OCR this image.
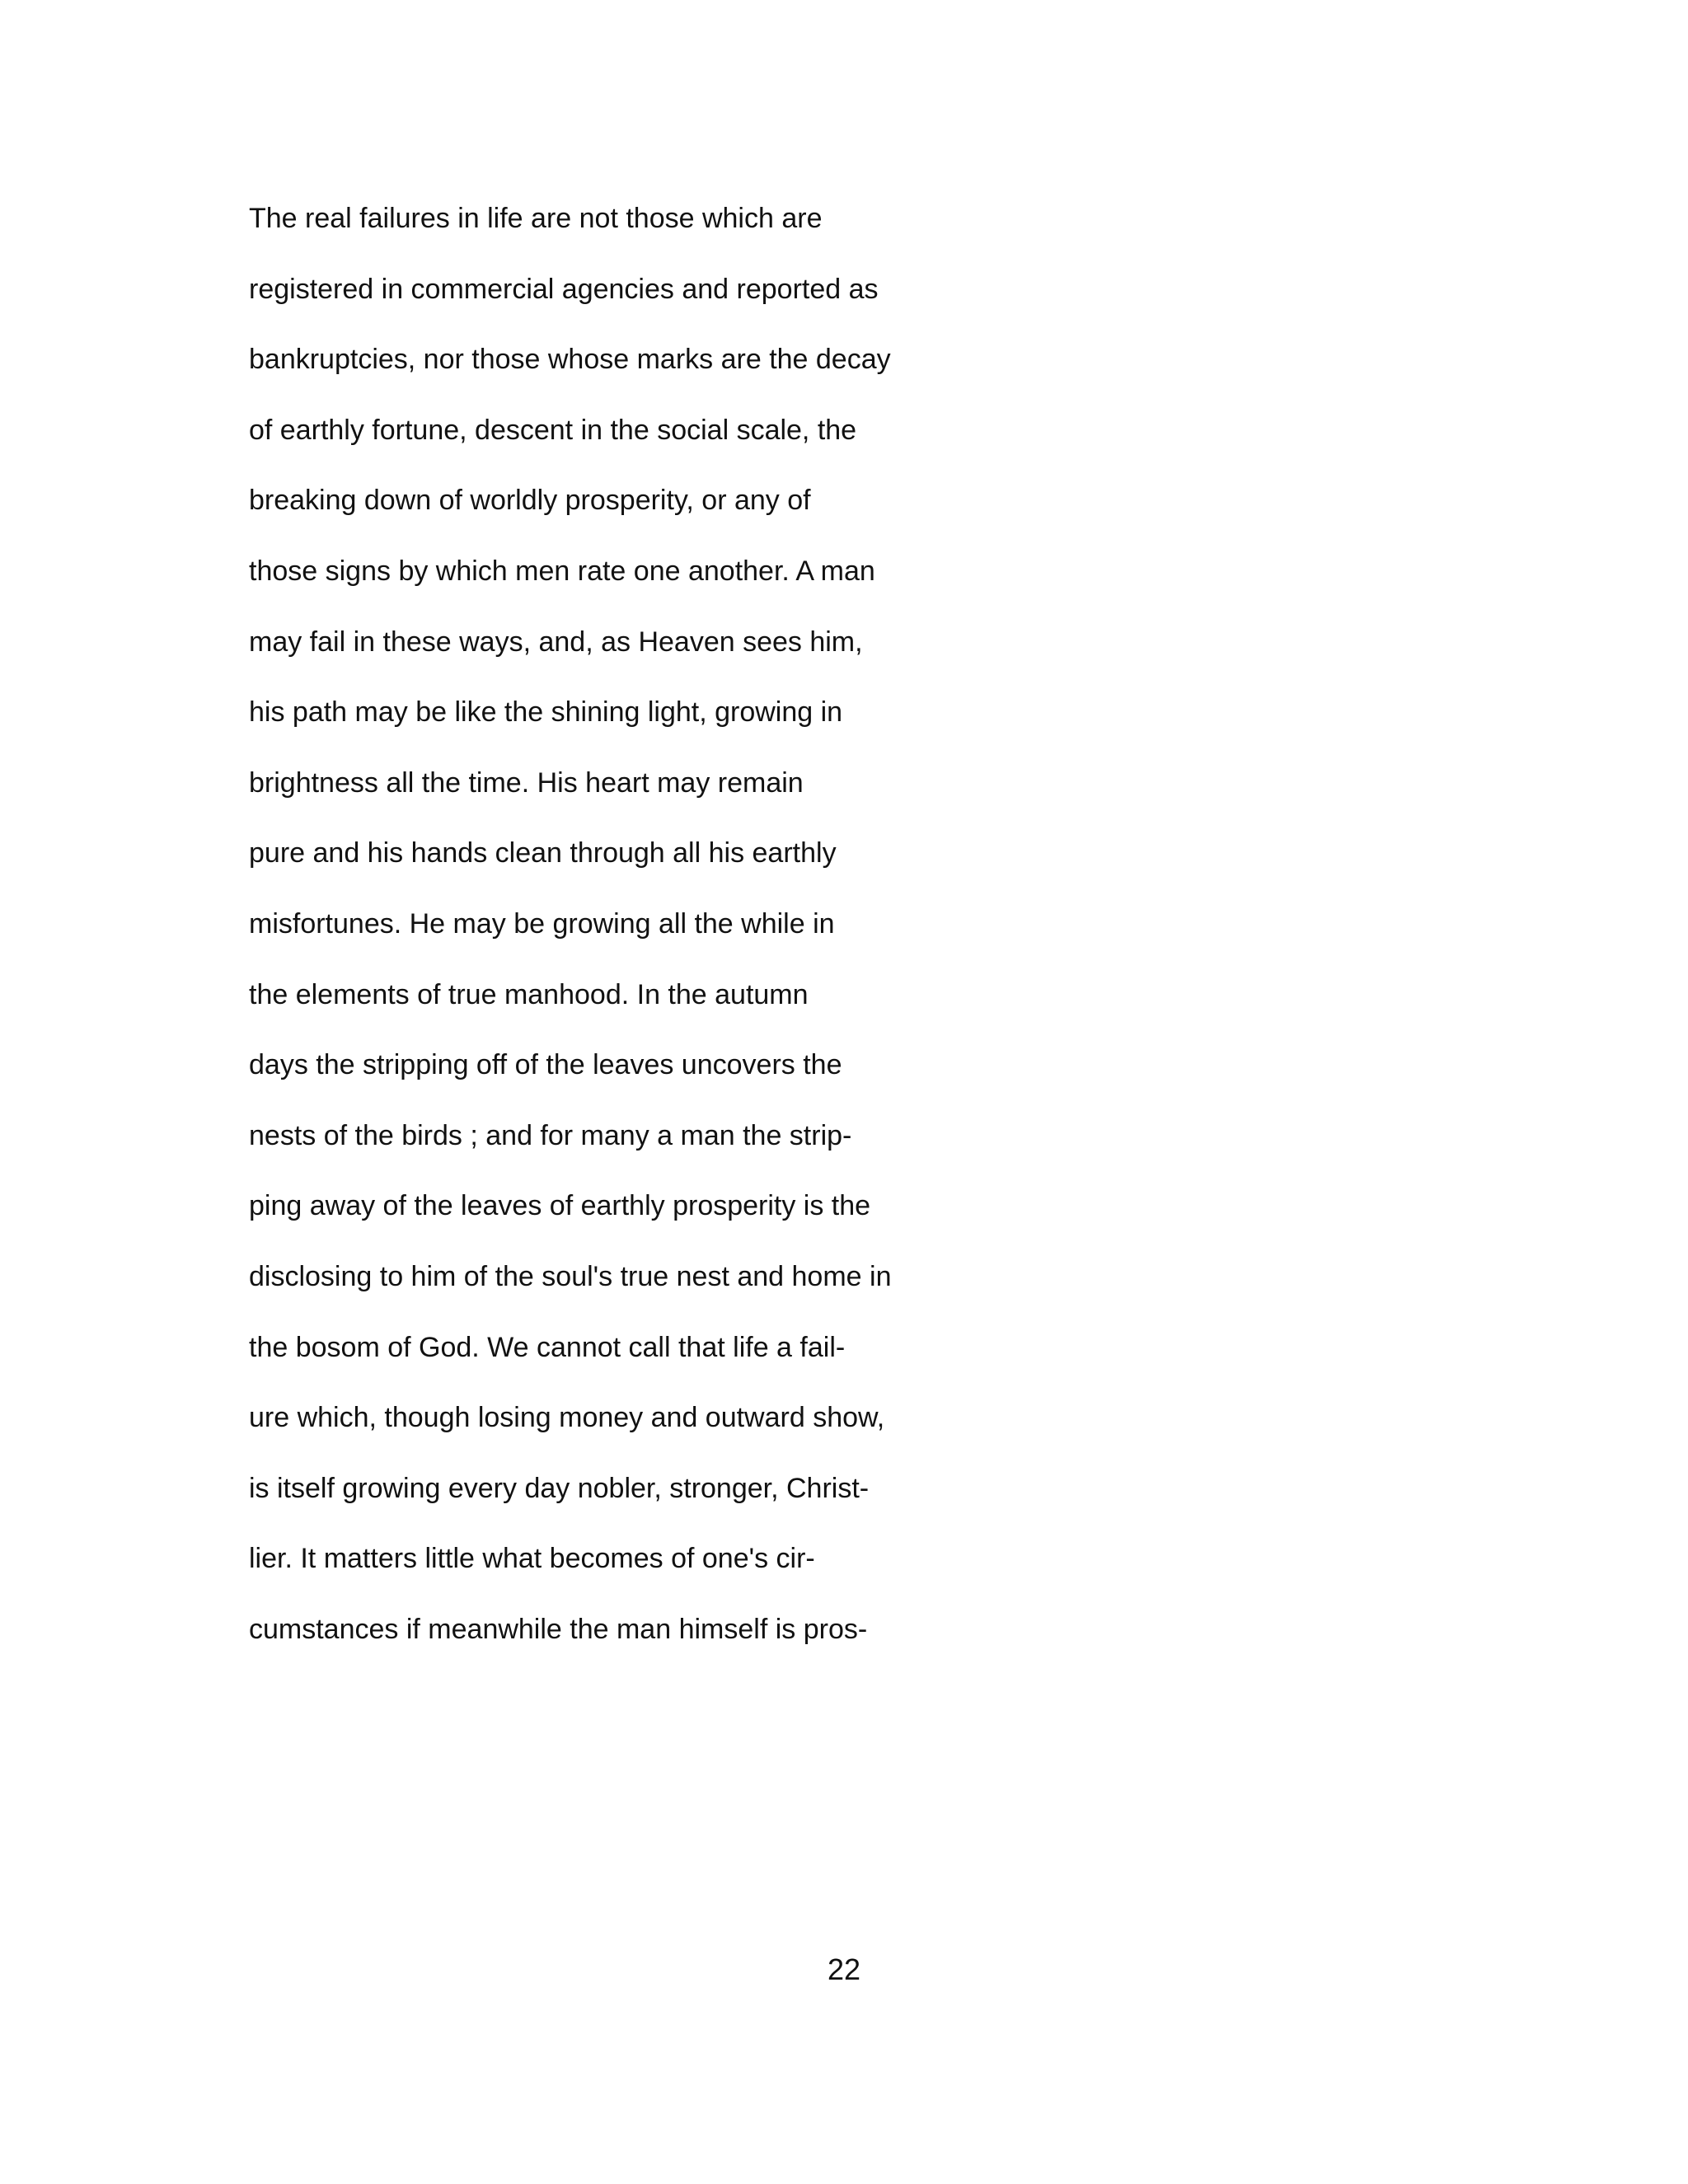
The real failures in life are not those which are
registered in commercial agencies and reported as
bankruptcies, nor those whose marks are the decay
of earthly fortune, descent in the social scale, the
breaking down of worldly prosperity, or any of
those signs by which men rate one another. A man
may fail in these ways, and, as Heaven sees him,
his path may be like the shining light, growing in
brightness all the time. His heart may remain
pure and his hands clean through all his earthly
misfortunes. He may be growing all the while in
the elements of true manhood. In the autumn
days the stripping off of the leaves uncovers the
nests of the birds ; and for many a man the strip-
ping away of the leaves of earthly prosperity is the
disclosing to him of the soul's true nest and home in
the bosom of God. We cannot call that life a fail-
ure which, though losing money and outward show,
is itself growing every day nobler, stronger, Christ-
lier. It matters little what becomes of one's cir-
cumstances if meanwhile the man himself is pros-
22
